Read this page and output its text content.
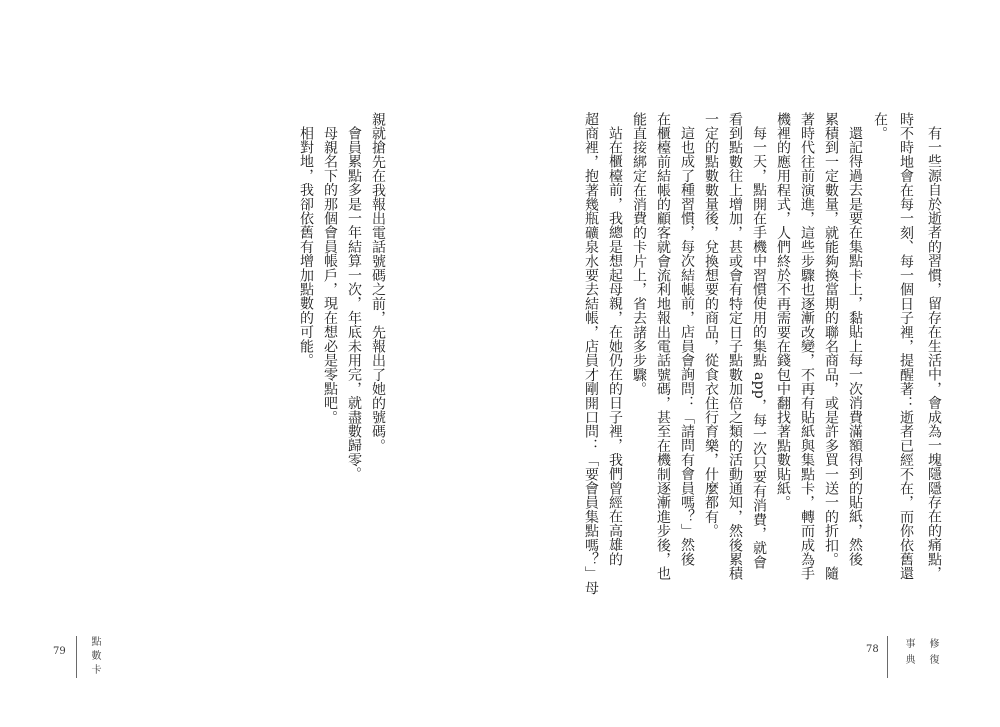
親就搶先在我報出電話號碼之前，先報出了她的號碼。
會員累點多是一年結算一次，年底未用完，就盡數歸零。
母親名下的那個會員帳戶，現在想必是零點吧。
相對地，我卻依舊有增加點數的可能。
79 點數卡
有一些源自於逝者的習慣，留存在生活中，會成為一塊隱隱存在的痛點，
時不時地會在每一刻、每一個日子裡，提醒著：逝者已經不在，而你依舊還
在。
還記得過去是要在集點卡上，黏貼上每一次消費滿額得到的貼紙，然後
累積到一定數量，就能夠換當期的聯名商品，或是許多買一送一的折扣。隨
著時代往前演進，這些步驟也逐漸改變，不再有貼紙與集點卡，轉而成為手
機裡的應用程式，人們終於不再需要在錢包中翻找著點數貼紙。
每一天，點開在手機中習慣使用的集點 app，每一次只要有消費，就會
看到點數往上增加，甚或會有特定日子點數加倍之類的活動通知，然後累積
一定的點數數量後，兌換想要的商品，從食衣住行育樂，什麼都有。
這也成了種習慣，每次結帳前，店員會詢問：「請問有會員嗎？」然後
在櫃檯前結帳的顧客就會流利地報出電話號碼，甚至在機制逐漸進步後，也
能直接綁定在消費的卡片上，省去諸多步驟。
站在櫃檯前，我總是想起母親，在她仍在的日子裡，我們曾經在高雄的
超商裡，抱著幾瓶礦泉水要去結帳，店員才剛開口問：「要會員集點嗎？」母
78	修復事典
